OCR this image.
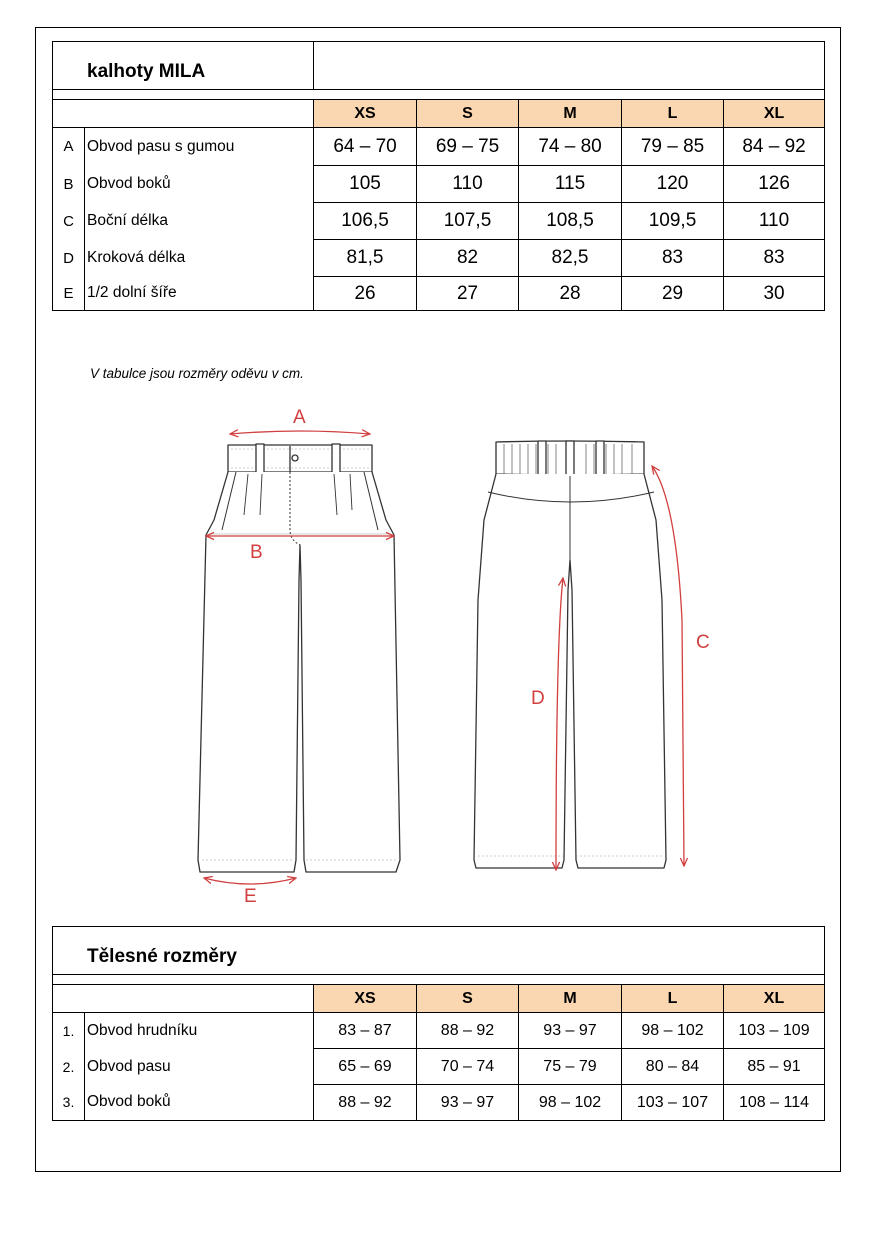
kalhoty MILA						

		XS	S	M	L	XL
A	Obvod pasu s gumou	64 – 70	69 – 75	74 – 80	79 – 85	84 – 92
B	Obvod boků	105	110	115	120	126
C	Boční délka	106,5	107,5	108,5	109,5	110
D	Kroková délka	81,5	82	82,5	83	83
E	1/2 dolní šíře	26	27	28	29	30
V tabulce jsou rozměry oděvu v cm.
A
B
C
D
E
Tělesné rozměry						

		XS	S	M	L	XL
1.	Obvod hrudníku	83 – 87	88 – 92	93 – 97	98 – 102	103 – 109
2.	Obvod pasu	65 – 69	70 – 74	75 – 79	80 – 84	85 – 91
3.	Obvod boků	88 – 92	93 – 97	98 – 102	103 – 107	108 – 114
